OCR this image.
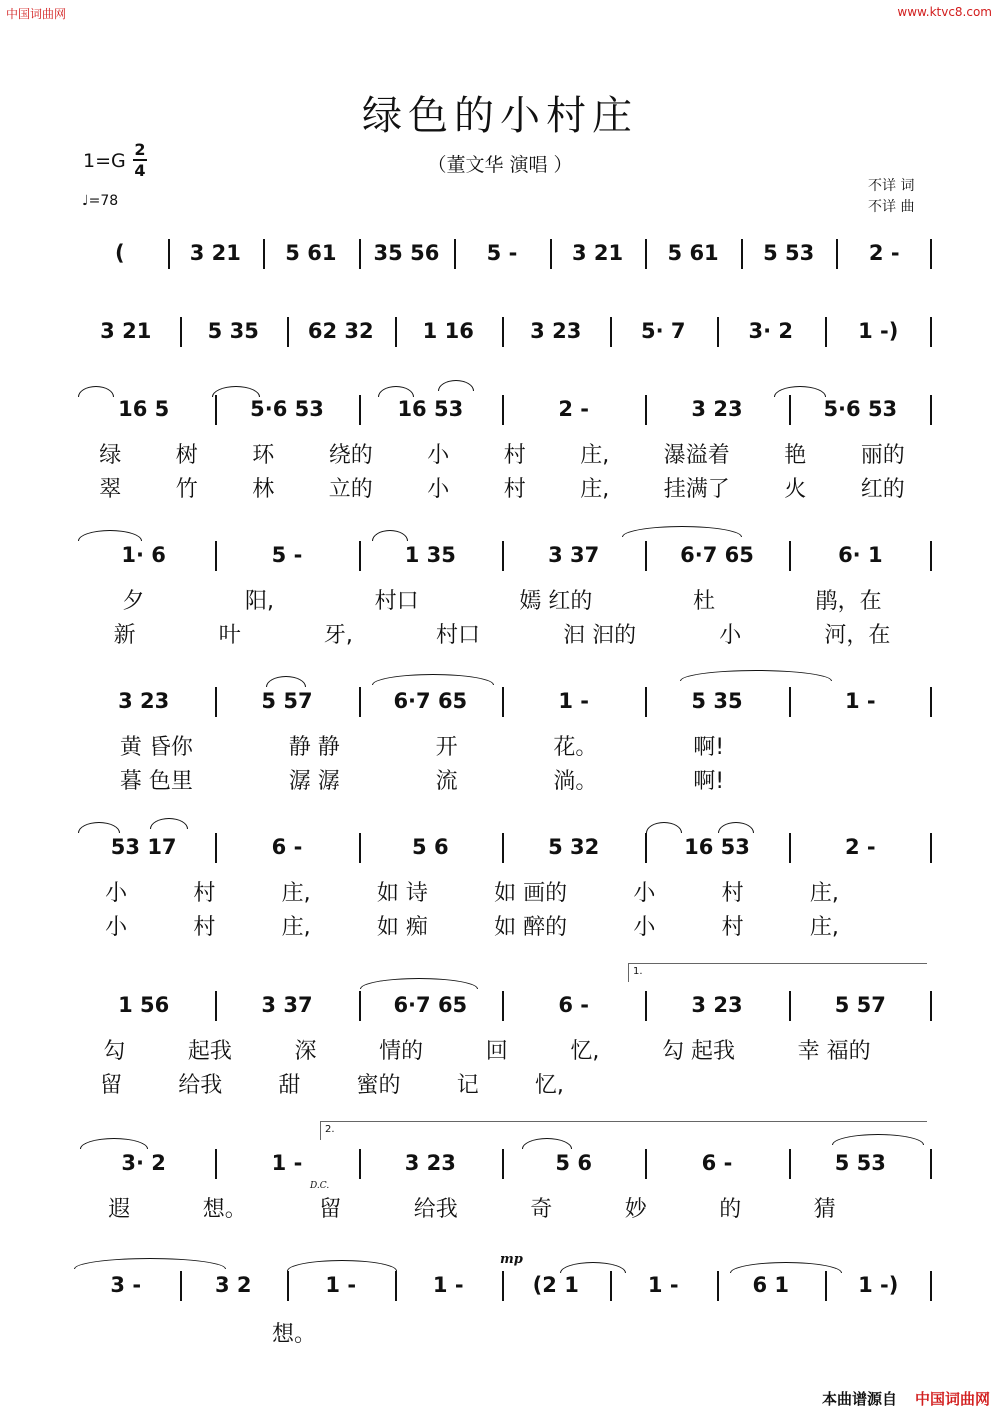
中国词曲网	www.ktvc8.com
绿色的小村庄
（董文华 演唱 ）
1=G
2
4
♩=78
不详 词
不详 曲
(	3 21	5 61	35 56	5 -	3 21	5 61	5 53	2 -
3 21	5 35	62 32	1 16	3 23	5· 7	3· 2	1 -)
16 5	5·6 53	16 53	2 -	3 23	5·6 53
1· 6	5 -	1 35	3 37	6·7 65	6· 1
3 23	5 57	6·7 65	1 -	5 35	1 -
53 17	6 -	5 6	5 32	16 53	2 -
1 56	3 37	6·7 65	6 -	3 23	5 57
3· 2	1 -	3 23	5 6	6 -	5 53
3 -	3 2	1 -	1 -	(2 1	1 -	6 1	1 -)

绿 树 环 绕的 小 村 庄, 瀑溢着 艳 丽的

翠 竹 林 立的 小 村 庄, 挂满了 火 红的

夕	阳,	村口	嫣 红的	杜	鹃，在

新	叶	牙,	村口	汩 汩的	小	河，在

黄 昏你	静 静	开	花。	啊!

暮 色里	潺 潺	流	淌。	啊!

小	村	庄,	如 诗	如 画的	小	村	庄,

小	村	庄,	如 痴	如 醉的	小	村	庄,

勾	起我	深	情的	回	忆,	勾 起我	幸 福的

留	给我	甜	蜜的	记	忆,

遐	想。	留	给我	奇	妙	的	猜

想。

1.
2.
D.C.
mp
本曲谱源自 中国词曲网
